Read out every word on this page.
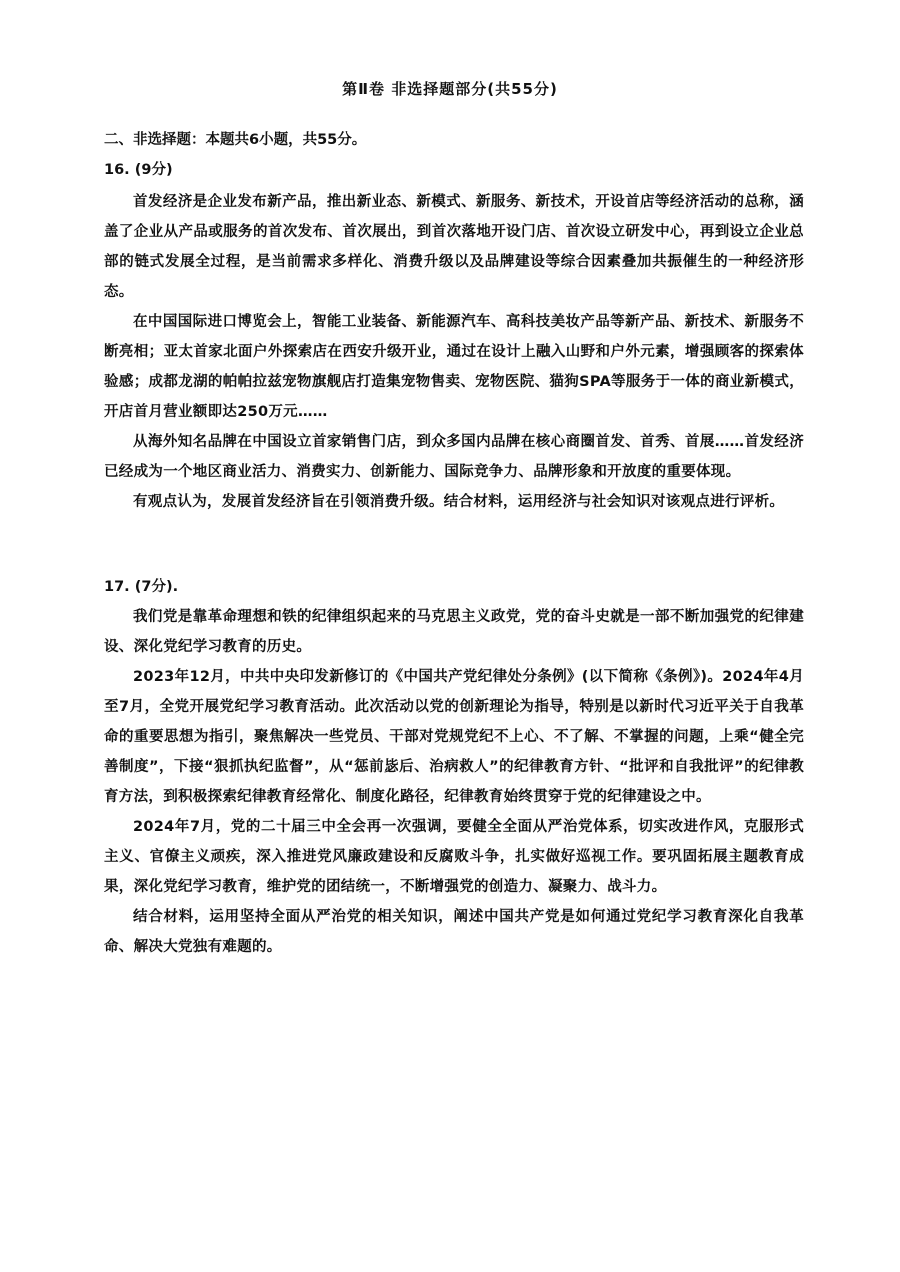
第Ⅱ卷 非选择题部分(共55分)
二、非选择题：本题共6小题，共55分。
16. (9分)

首发经济是企业发布新产品，推出新业态、新模式、新服务、新技术，开设首店等经济活动的总称，涵盖了企业从产品或服务的首次发布、首次展出，到首次落地开设门店、首次设立研发中心，再到设立企业总部的链式发展全过程，是当前需求多样化、消费升级以及品牌建设等综合因素叠加共振催生的一种经济形态。

在中国国际进口博览会上，智能工业装备、新能源汽车、高科技美妆产品等新产品、新技术、新服务不断亮相；亚太首家北面户外探索店在西安升级开业，通过在设计上融入山野和户外元素，增强顾客的探索体验感；成都龙湖的帕帕拉兹宠物旗舰店打造集宠物售卖、宠物医院、猫狗SPA等服务于一体的商业新模式，开店首月营业额即达250万元……

从海外知名品牌在中国设立首家销售门店，到众多国内品牌在核心商圈首发、首秀、首展……首发经济已经成为一个地区商业活力、消费实力、创新能力、国际竞争力、品牌形象和开放度的重要体现。

有观点认为，发展首发经济旨在引领消费升级。结合材料，运用经济与社会知识对该观点进行评析。

17. (7分).

我们党是靠革命理想和铁的纪律组织起来的马克思主义政党，党的奋斗史就是一部不断加强党的纪律建设、深化党纪学习教育的历史。

2023年12月，中共中央印发新修订的《中国共产党纪律处分条例》(以下简称《条例》)。2024年4月至7月，全党开展党纪学习教育活动。此次活动以党的创新理论为指导，特别是以新时代习近平关于自我革命的重要思想为指引，聚焦解决一些党员、干部对党规党纪不上心、不了解、不掌握的问题，上乘“健全完善制度”，下接“狠抓执纪监督”，从“惩前毖后、治病救人”的纪律教育方针、“批评和自我批评”的纪律教育方法，到积极探索纪律教育经常化、制度化路径，纪律教育始终贯穿于党的纪律建设之中。

2024年7月，党的二十届三中全会再一次强调，要健全全面从严治党体系，切实改进作风，克服形式主义、官僚主义顽疾，深入推进党风廉政建设和反腐败斗争，扎实做好巡视工作。要巩固拓展主题教育成果，深化党纪学习教育，维护党的团结统一，不断增强党的创造力、凝聚力、战斗力。

结合材料，运用坚持全面从严治党的相关知识，阐述中国共产党是如何通过党纪学习教育深化自我革命、解决大党独有难题的。
